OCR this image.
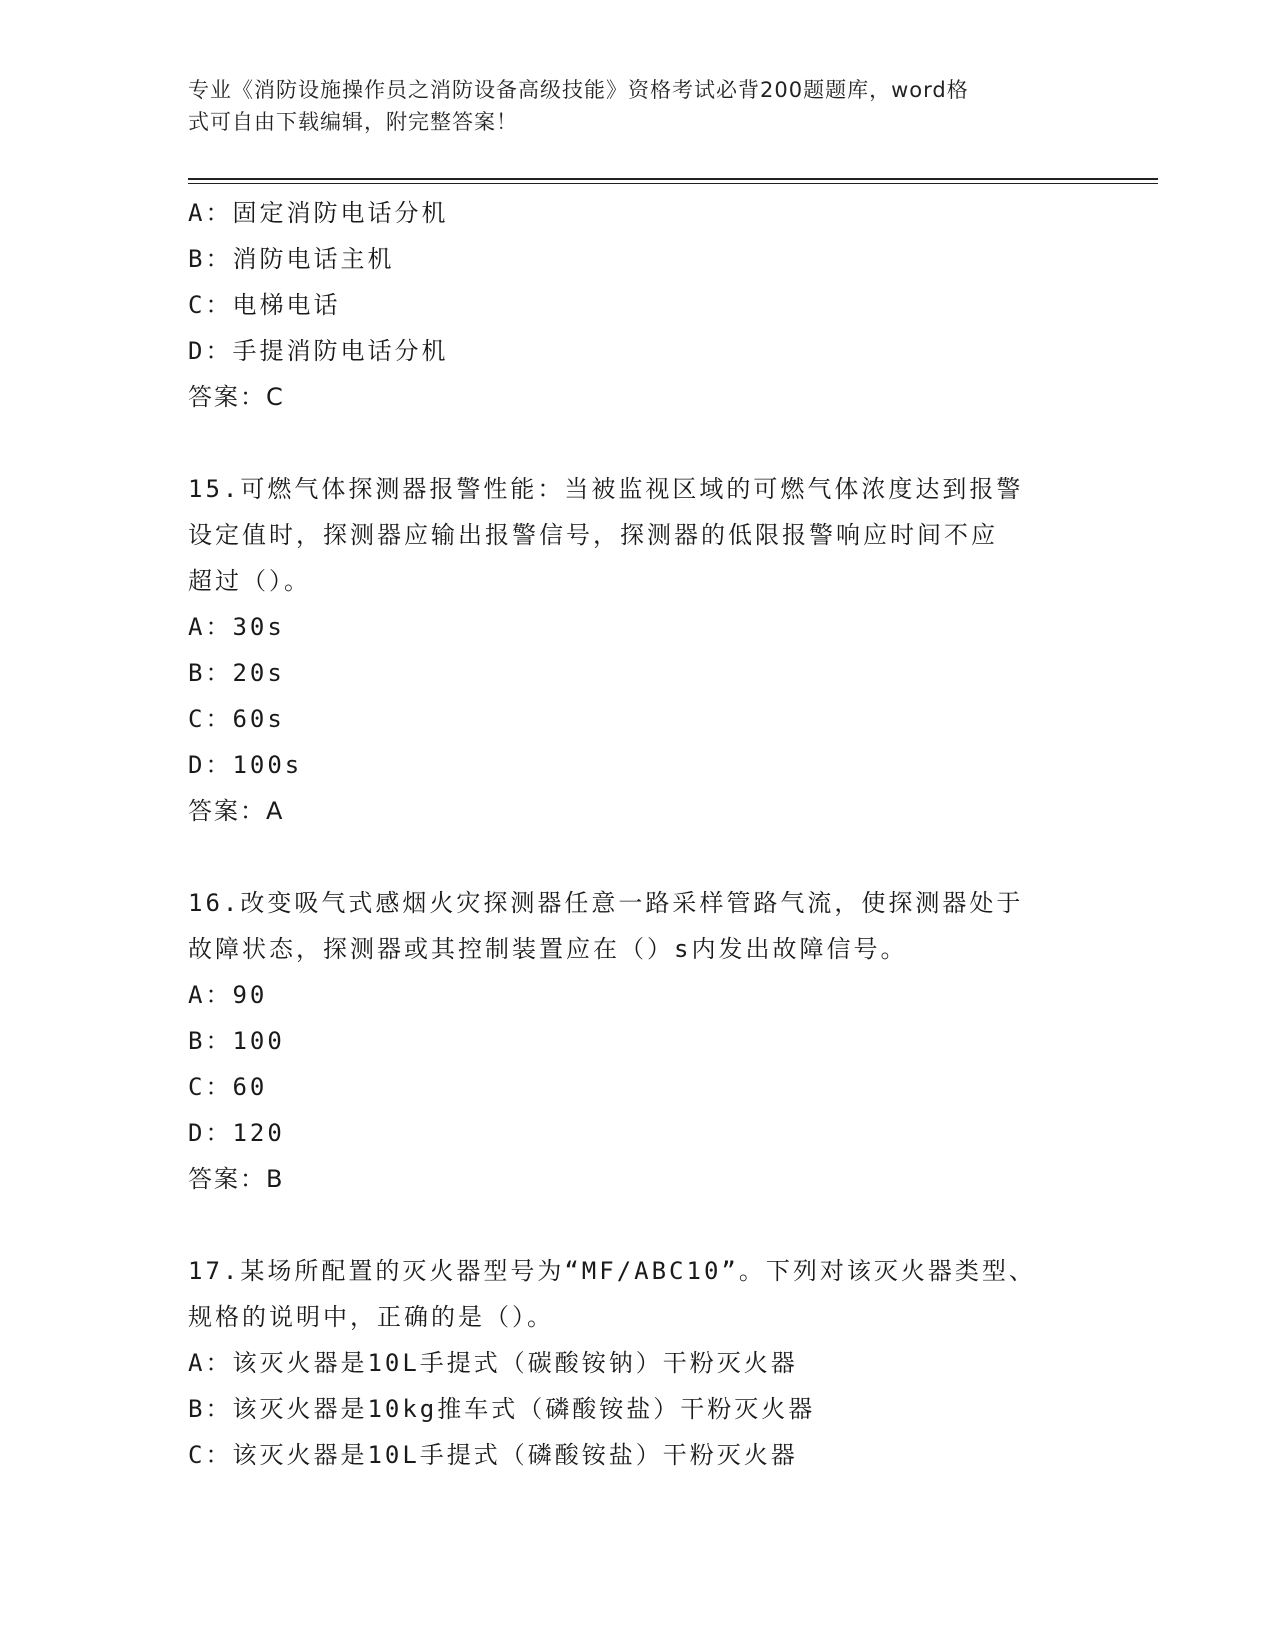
专业《消防设施操作员之消防设备高级技能》资格考试必背200题题库，word格
式可自由下载编辑，附完整答案！
A：固定消防电话分机
B：消防电话主机
C：电梯电话
D：手提消防电话分机
答案：C
15.可燃气体探测器报警性能：当被监视区域的可燃气体浓度达到报警
设定值时，探测器应输出报警信号，探测器的低限报警响应时间不应
超过（）。
A：30s
B：20s
C：60s
D：100s
答案：A
16.改变吸气式感烟火灾探测器任意一路采样管路气流，使探测器处于
故障状态，探测器或其控制装置应在（）s内发出故障信号。
A：90
B：100
C：60
D：120
答案：B
17.某场所配置的灭火器型号为“MF/ABC10”。下列对该灭火器类型、
规格的说明中，正确的是（）。
A：该灭火器是10L手提式（碳酸铵钠）干粉灭火器
B：该灭火器是10kg推车式（磷酸铵盐）干粉灭火器
C：该灭火器是10L手提式（磷酸铵盐）干粉灭火器
